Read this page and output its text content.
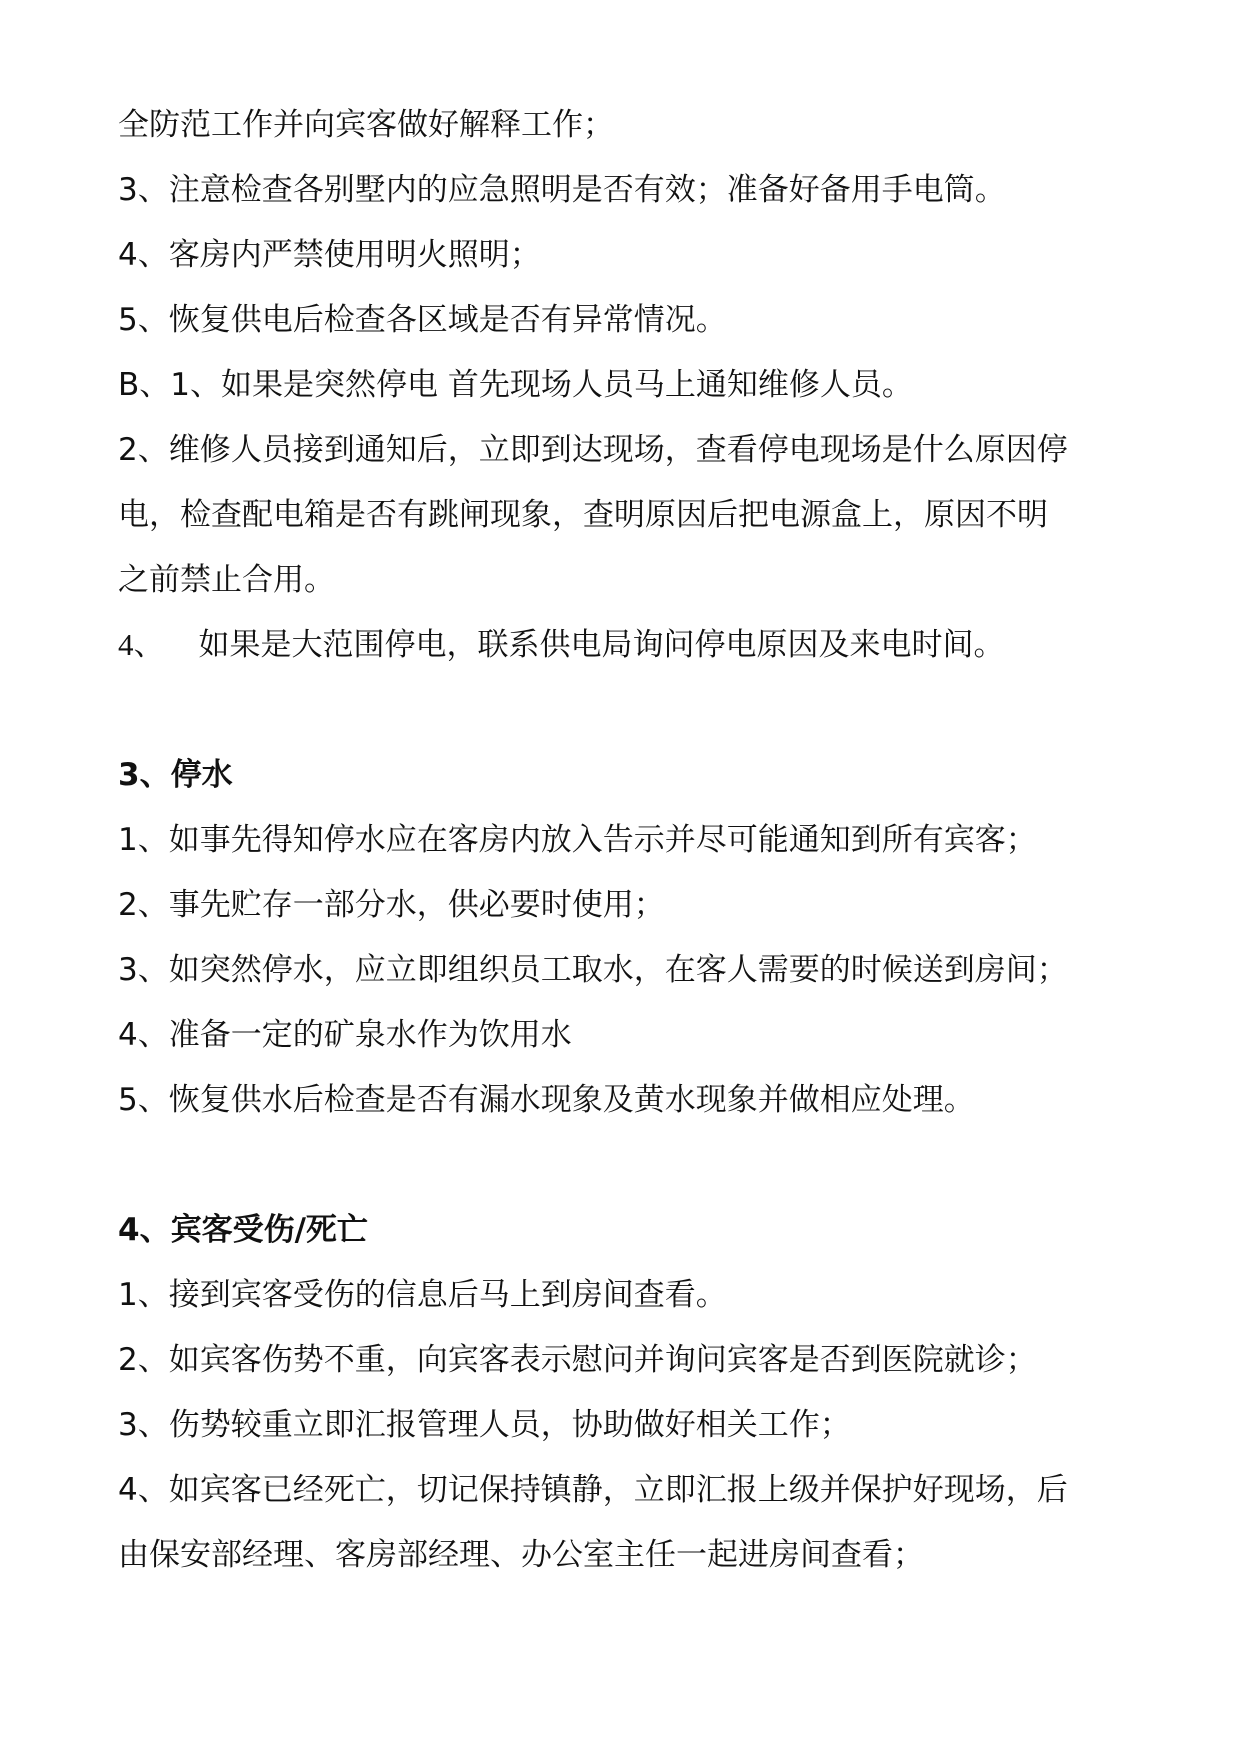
全防范工作并向宾客做好解释工作；
3、注意检查各别墅内的应急照明是否有效；准备好备用手电筒。
4、客房内严禁使用明火照明；
5、恢复供电后检查各区域是否有异常情况。
B、1、如果是突然停电 首先现场人员马上通知维修人员。
2、维修人员接到通知后，立即到达现场，查看停电现场是什么原因停
电，检查配电箱是否有跳闸现象，查明原因后把电源盒上，原因不明
之前禁止合用。
4、 如果是大范围停电，联系供电局询问停电原因及来电时间。
3、停水
1、如事先得知停水应在客房内放入告示并尽可能通知到所有宾客；
2、事先贮存一部分水，供必要时使用；
3、如突然停水，应立即组织员工取水，在客人需要的时候送到房间；
4、准备一定的矿泉水作为饮用水
5、恢复供水后检查是否有漏水现象及黄水现象并做相应处理。
4、宾客受伤/死亡
1、接到宾客受伤的信息后马上到房间查看。
2、如宾客伤势不重，向宾客表示慰问并询问宾客是否到医院就诊；
3、伤势较重立即汇报管理人员，协助做好相关工作；
4、如宾客已经死亡，切记保持镇静，立即汇报上级并保护好现场，后
由保安部经理、客房部经理、办公室主任一起进房间查看；
